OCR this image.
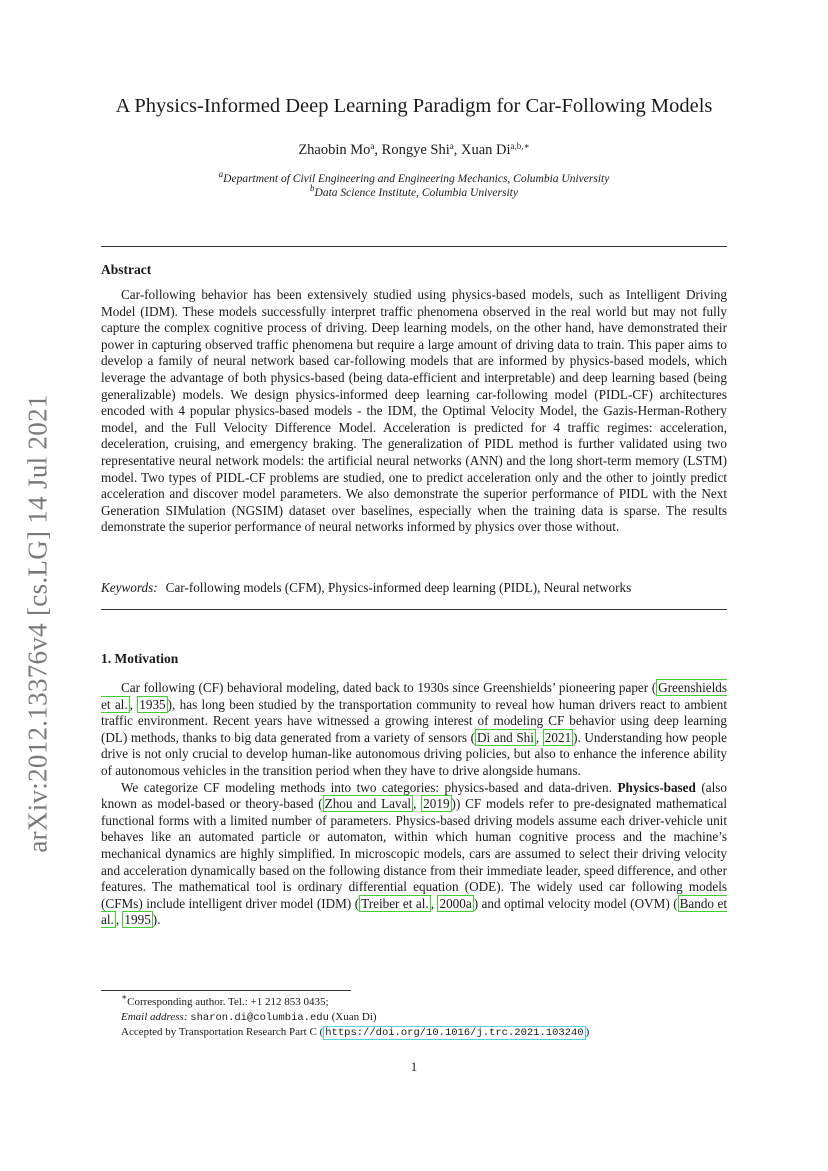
arXiv:2012.13376v4 [cs.LG] 14 Jul 2021
A Physics-Informed Deep Learning Paradigm for Car-Following Models
Zhaobin Mo$^a$, Rongye Shi$^a$, Xuan $Di^{a,b,∗}$
$^a$Department of Civil Engineering and Engineering Mechanics, Columbia University
$^b$Data Science Institute, Columbia University
Abstract

Car-following behavior has been extensively studied using physics-based models, such as Intelligent Driving Model (IDM). These models successfully interpret traffic phenomena observed in the real world but may not fully capture the complex cognitive process of driving. Deep learning models, on the other hand, have demonstrated their power in capturing observed traffic phenomena but require a large amount of driving data to train. This paper aims to develop a family of neural network based car-following models that are informed by physics-based models, which leverage the advantage of both physics-based (being data-efficient and interpretable) and deep learning based (being generalizable) models. We design physics-informed deep learning car-following model (PIDL-CF) architectures encoded with 4 popular physics-based models - the IDM, the Optimal Velocity Model, the Gazis-Herman-Rothery model, and the Full Velocity Difference Model. Acceleration is predicted for 4 traffic regimes: acceleration, deceleration, cruising, and emergency braking. The generalization of PIDL method is further validated using two representative neural network models: the artificial neural networks (ANN) and the long short-term memory (LSTM) model. Two types of PIDL-CF problems are studied, one to predict acceleration only and the other to jointly predict acceleration and discover model parameters. We also demonstrate the superior performance of PIDL with the Next Generation SIMulation (NGSIM) dataset over baselines, especially when the training data is sparse. The results demonstrate the superior performance of neural networks informed by physics over those without.

Keywords: Car-following models (CFM), Physics-informed deep learning (PIDL), Neural networks
1. Motivation

Car following (CF) behavioral modeling, dated back to 1930s since Greenshields’ pioneering paper ( Greenshields et al. , 1935 ), has long been studied by the transportation community to reveal how human drivers react to ambient traffic environment. Recent years have witnessed a growing interest of modeling CF behavior using deep learning (DL) methods, thanks to big data generated from a variety of sensors ( Di and Shi , 2021 ). Understanding how people drive is not only crucial to develop human-like autonomous driving policies, but also to enhance the inference ability of autonomous vehicles in the transition period when they have to drive alongside humans.

We categorize CF modeling methods into two categories: physics-based and data-driven. Physics-based (also known as model-based or theory-based ( Zhou and Laval , 2019 )) CF models refer to pre-designated mathematical functional forms with a limited number of parameters. Physics-based driving models assume each driver-vehicle unit behaves like an automated particle or automaton, within which human cognitive process and the machine’s mechanical dynamics are highly simplified. In microscopic models, cars are assumed to select their driving velocity and acceleration dynamically based on the following distance from their immediate leader, speed difference, and other features. The mathematical tool is ordinary differential equation (ODE). The widely used car following models (CFMs) include intelligent driver model (IDM) ( Treiber et al. , 2000a ) and optimal velocity model (OVM) ( Bando et al. , 1995 ).

∗Corresponding author. Tel.: +1 212 853 0435;
Email address: sharon.di@columbia.edu (Xuan Di)
Accepted by Transportation Research Part C ( https://doi.org/10.1016/j.trc.2021.103240 )
1
